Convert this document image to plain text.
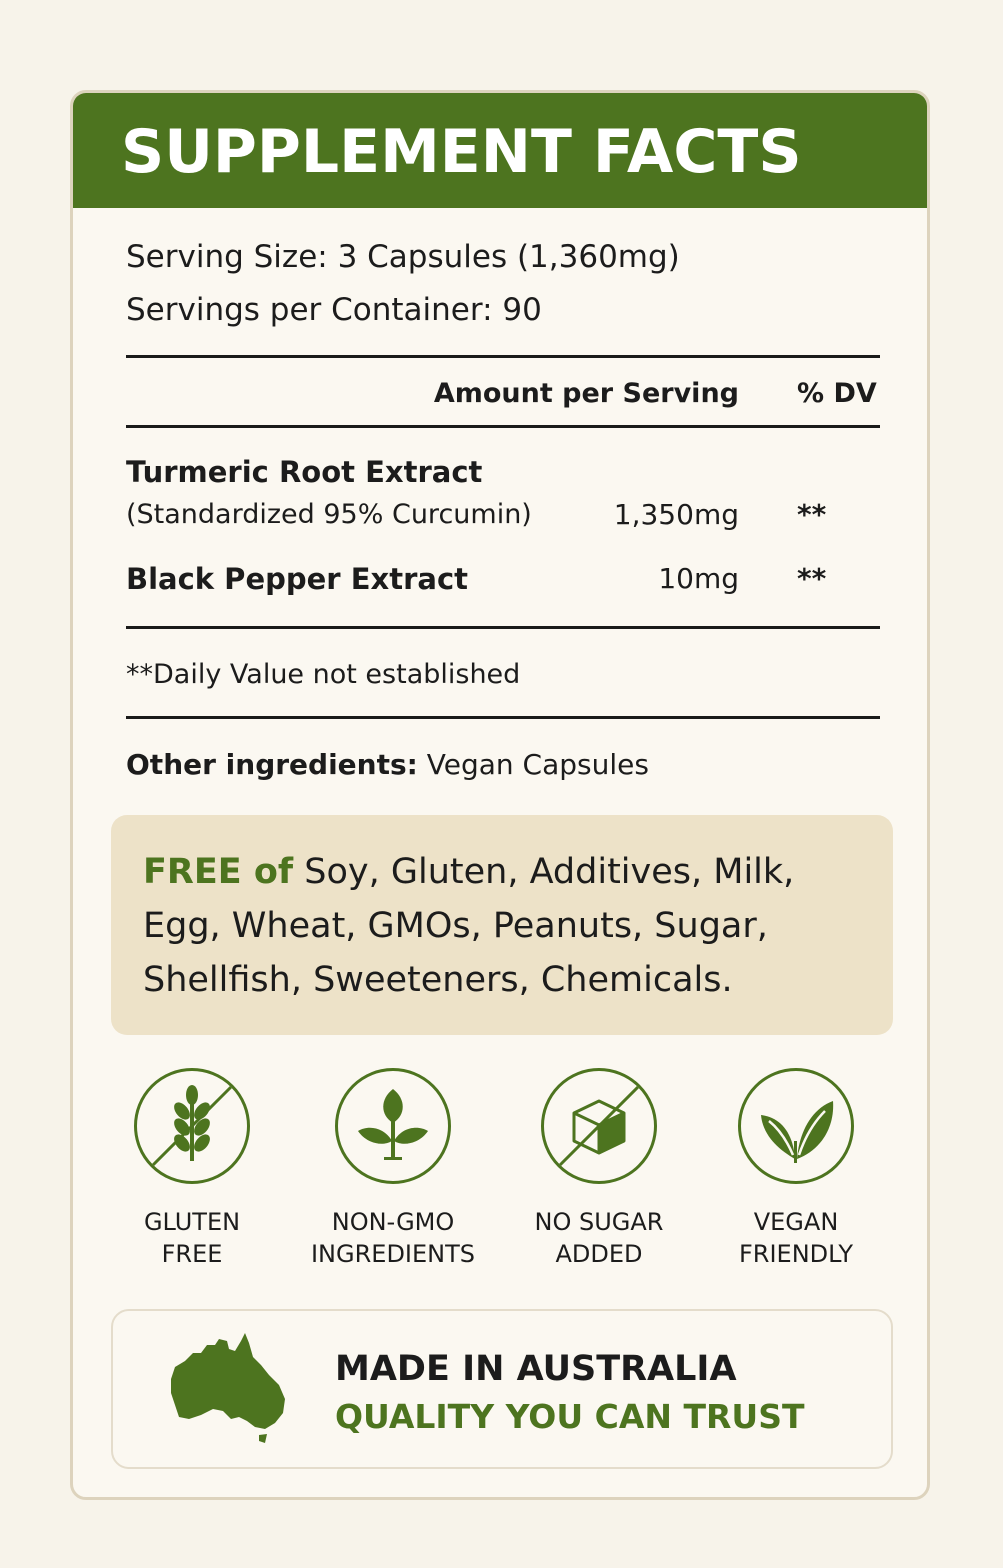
SUPPLEMENT FACTS
Serving Size: 3 Capsules (1,360mg)
Servings per Container: 90
Amount per Serving % DV
Turmeric Root Extract
(Standardized 95% Curcumin)	1,350mg **
Black Pepper Extract	10mg **
**Daily Value not established
Other ingredients: Vegan Capsules
FREE of Soy, Gluten, Additives, Milk, Egg, Wheat, GMOs, Peanuts, Sugar, Shellfish, Sweeteners, Chemicals.
GLUTEN
FREE
NON-GMO
INGREDIENTS
NO SUGAR
ADDED
VEGAN
FRIENDLY
MADE IN AUSTRALIA
QUALITY YOU CAN TRUST
